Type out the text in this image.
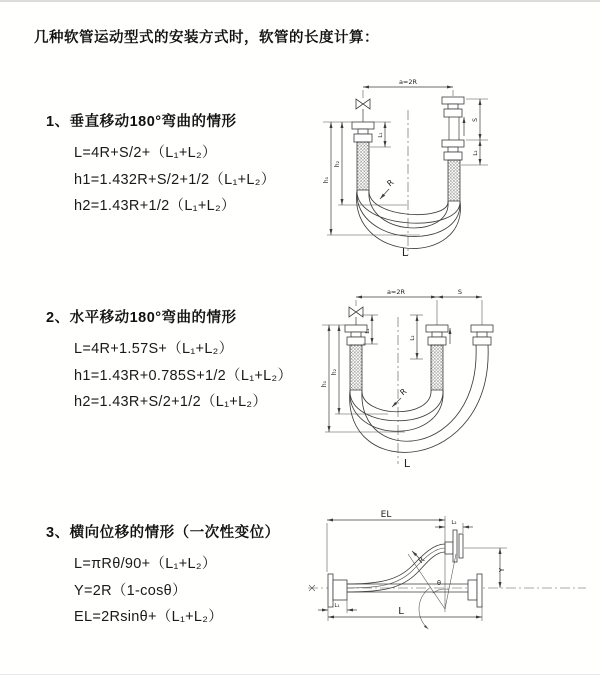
几种软管运动型式的安装方式时，软管的长度计算：
1、垂直移动180°弯曲的情形
L=4R+S/2+（L₁+L₂）
h1=1.432R+S/2+1/2（L₁+L₂）
h2=1.43R+1/2（L₁+L₂）
2、水平移动180°弯曲的情形
L=4R+1.57S+（L₁+L₂）
h1=1.43R+0.785S+1/2（L₁+L₂）
h2=1.43R+S/2+1/2（L₁+L₂）
3、横向位移的情形（一次性变位）
L=πRθ/90+（L₁+L₂）
Y=2R（1-cosθ）
EL=2Rsinθ+（L₁+L₂）
a=2R
h₁
h₂
L₁
S
L₂
R
L
a=2R	S
h₁
h₂
L₁
L₂
R
L
EL
L₂
Y
θ
R
L₁	L
